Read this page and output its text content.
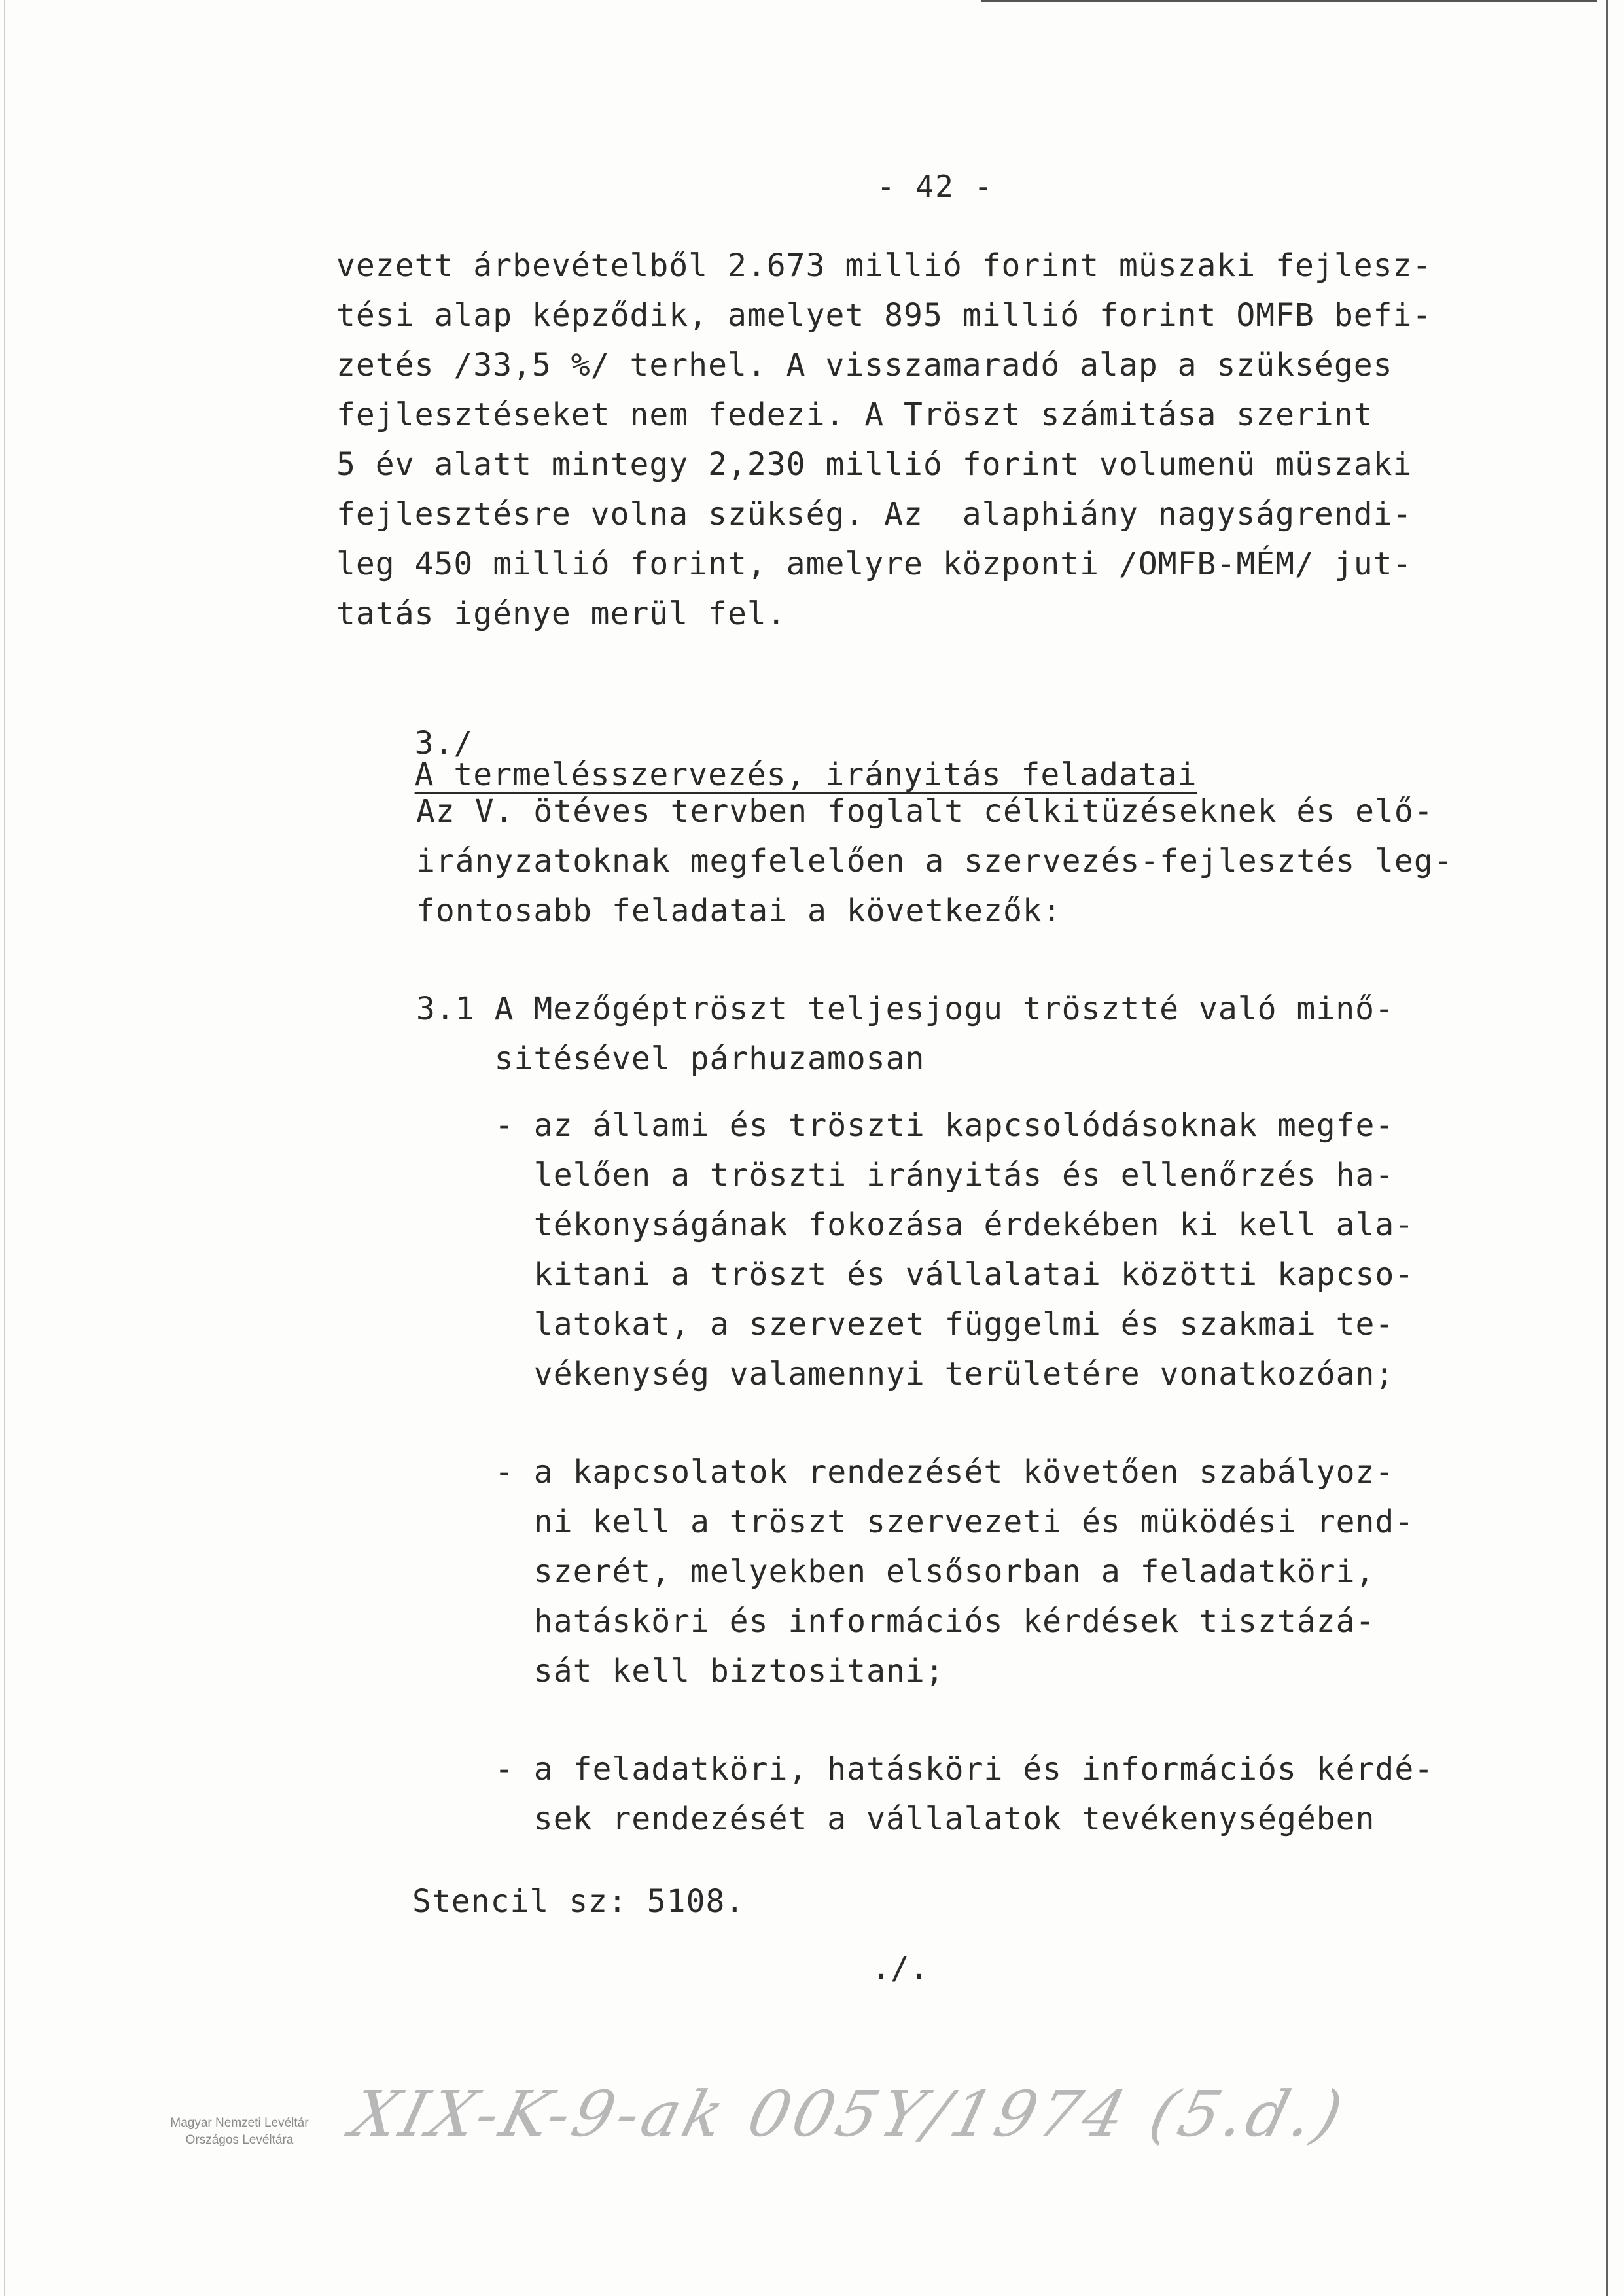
- 42 -
vezett árbevételből 2.673 millió forint müszaki fejlesz-
tési alap képződik, amelyet 895 millió forint OMFB befi-
zetés /33,5 %/ terhel. A visszamaradó alap a szükséges
fejlesztéseket nem fedezi. A Tröszt számitása szerint
5 év alatt mintegy 2,230 millió forint volumenü müszaki
fejlesztésre volna szükség. Az  alaphiány nagyságrendi-
leg 450 millió forint, amelyre központi /OMFB-MÉM/ jut-
tatás igénye merül fel.

3./
A termelésszervezés, irányitás feladatai

Az V. ötéves tervben foglalt célkitüzéseknek és elő-
irányzatoknak megfelelően a szervezés-fejlesztés leg-
fontosabb feladatai a következők:
3.1 A Mezőgéptröszt teljesjogu trösztté való minő-
sitésével párhuzamosan
- az állami és tröszti kapcsolódásoknak megfe-
lelően a tröszti irányitás és ellenőrzés ha-
tékonyságának fokozása érdekében ki kell ala-
kitani a tröszt és vállalatai közötti kapcso-
latokat, a szervezet függelmi és szakmai te-
vékenység valamennyi területére vonatkozóan;
- a kapcsolatok rendezését követően szabályoz-
ni kell a tröszt szervezeti és müködési rend-
szerét, melyekben elsősorban a feladatköri,
hatásköri és információs kérdések tisztázá-
sát kell biztositani;
- a feladatköri, hatásköri és információs kérdé-
sek rendezését a vállalatok tevékenységében
Stencil sz: 5108.
./.
Magyar Nemzeti Levéltár
Országos Levéltára XIX-K-9-ak 005Y/1974 (5.d.)
